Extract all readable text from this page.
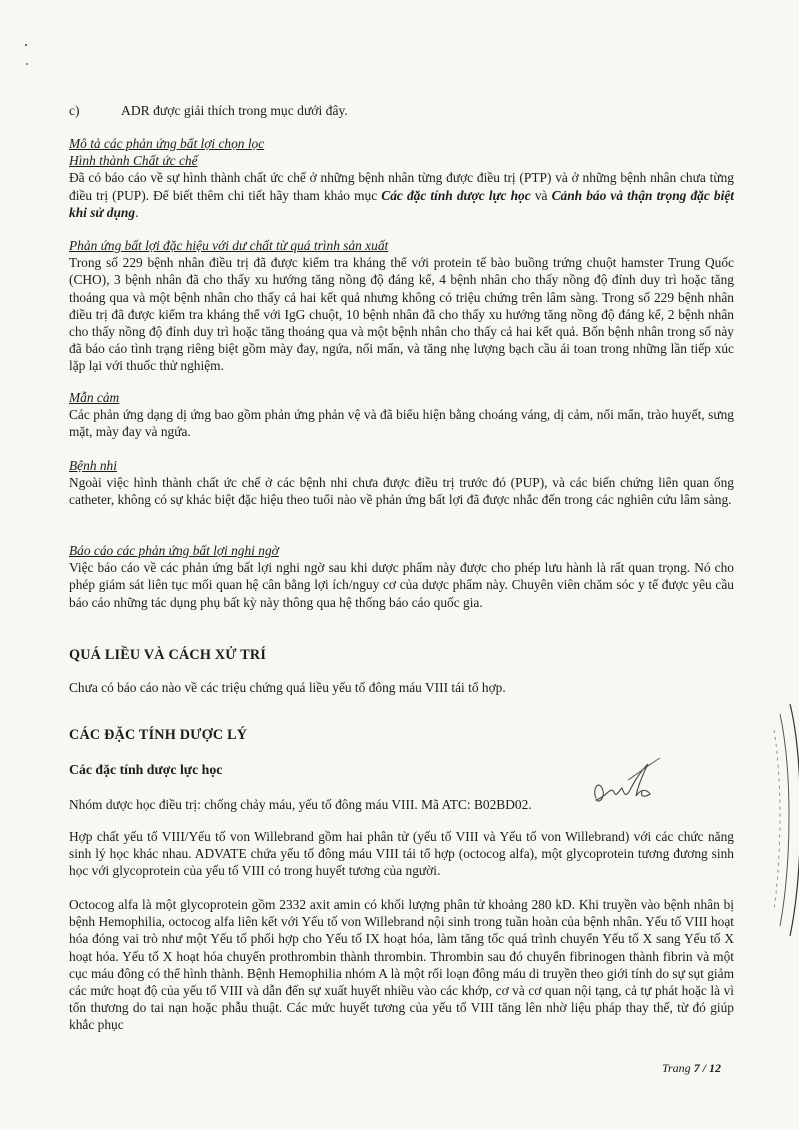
c)	ADR được giải thích trong mục dưới đây.
Mô tả các phản ứng bất lợi chọn lọc
Hình thành Chất ức chế
Đã có báo cáo về sự hình thành chất ức chế ở những bệnh nhân từng được điều trị (PTP) và ở những bệnh nhân chưa từng điều trị (PUP). Để biết thêm chi tiết hãy tham khảo mục Các đặc tính dược lực học và Cảnh báo và thận trọng đặc biệt khi sử dụng.
Phản ứng bất lợi đặc hiệu với dư chất từ quá trình sản xuất
Trong số 229 bệnh nhân điều trị đã được kiểm tra kháng thể với protein tế bào buồng trứng chuột hamster Trung Quốc (CHO), 3 bệnh nhân đã cho thấy xu hướng tăng nồng độ đáng kể, 4 bệnh nhân cho thấy nồng độ đỉnh duy trì hoặc tăng thoáng qua và một bệnh nhân cho thấy cả hai kết quả nhưng không có triệu chứng trên lâm sàng. Trong số 229 bệnh nhân điều trị đã được kiểm tra kháng thể với IgG chuột, 10 bệnh nhân đã cho thấy xu hướng tăng nồng độ đáng kể, 2 bệnh nhân cho thấy nồng độ đỉnh duy trì hoặc tăng thoáng qua và một bệnh nhân cho thấy cả hai kết quả. Bốn bệnh nhân trong số này đã báo cáo tình trạng riêng biệt gồm mày đay, ngứa, nổi mẩn, và tăng nhẹ lượng bạch cầu ái toan trong những lần tiếp xúc lặp lại với thuốc thử nghiệm.
Mẫn cảm
Các phản ứng dạng dị ứng bao gồm phản ứng phản vệ và đã biểu hiện bằng choáng váng, dị cảm, nổi mẩn, trào huyết, sưng mặt, mày đay và ngứa.
Bệnh nhi
Ngoài việc hình thành chất ức chế ở các bệnh nhi chưa được điều trị trước đó (PUP), và các biến chứng liên quan ống catheter, không có sự khác biệt đặc hiệu theo tuổi nào về phản ứng bất lợi đã được nhắc đến trong các nghiên cứu lâm sàng.
Báo cáo các phản ứng bất lợi nghi ngờ
Việc báo cáo về các phản ứng bất lợi nghi ngờ sau khi dược phẩm này được cho phép lưu hành là rất quan trọng. Nó cho phép giám sát liên tục mối quan hệ cân bằng lợi ích/nguy cơ của dược phẩm này. Chuyên viên chăm sóc y tế được yêu cầu báo cáo những tác dụng phụ bất kỳ này thông qua hệ thống báo cáo quốc gia.
QUÁ LIỀU VÀ CÁCH XỬ TRÍ
Chưa có báo cáo nào về các triệu chứng quá liều yếu tố đông máu VIII tái tổ hợp.
CÁC ĐẶC TÍNH DƯỢC LÝ
Các đặc tính dược lực học
Nhóm dược học điều trị: chống chảy máu, yếu tố đông máu VIII. Mã ATC: B02BD02.
Hợp chất yếu tố VIII/Yếu tố von Willebrand gồm hai phân tử (yếu tố VIII và Yếu tố von Willebrand) với các chức năng sinh lý học khác nhau. ADVATE chứa yếu tố đông máu VIII tái tổ hợp (octocog alfa), một glycoprotein tương đương sinh học với glycoprotein của yếu tố VIII có trong huyết tương của người.
Octocog alfa là một glycoprotein gồm 2332 axit amin có khối lượng phân tử khoảng 280 kD. Khi truyền vào bệnh nhân bị bệnh Hemophilia, octocog alfa liên kết với Yếu tố von Willebrand nội sinh trong tuần hoàn của bệnh nhân. Yếu tố VIII hoạt hóa đóng vai trò như một Yếu tố phối hợp cho Yếu tố IX hoạt hóa, làm tăng tốc quá trình chuyển Yếu tố X sang Yếu tố X hoạt hóa. Yếu tố X hoạt hóa chuyển prothrombin thành thrombin. Thrombin sau đó chuyển fibrinogen thành fibrin và một cục máu đông có thể hình thành. Bệnh Hemophilia nhóm A là một rối loạn đông máu di truyền theo giới tính do sự sụt giảm các mức hoạt độ của yếu tố VIII và dẫn đến sự xuất huyết nhiều vào các khớp, cơ và cơ quan nội tạng, cả tự phát hoặc là vì tổn thương do tai nạn hoặc phẫu thuật. Các mức huyết tương của yếu tố VIII tăng lên nhờ liệu pháp thay thế, từ đó giúp khắc phục
Trang 7 / 12
